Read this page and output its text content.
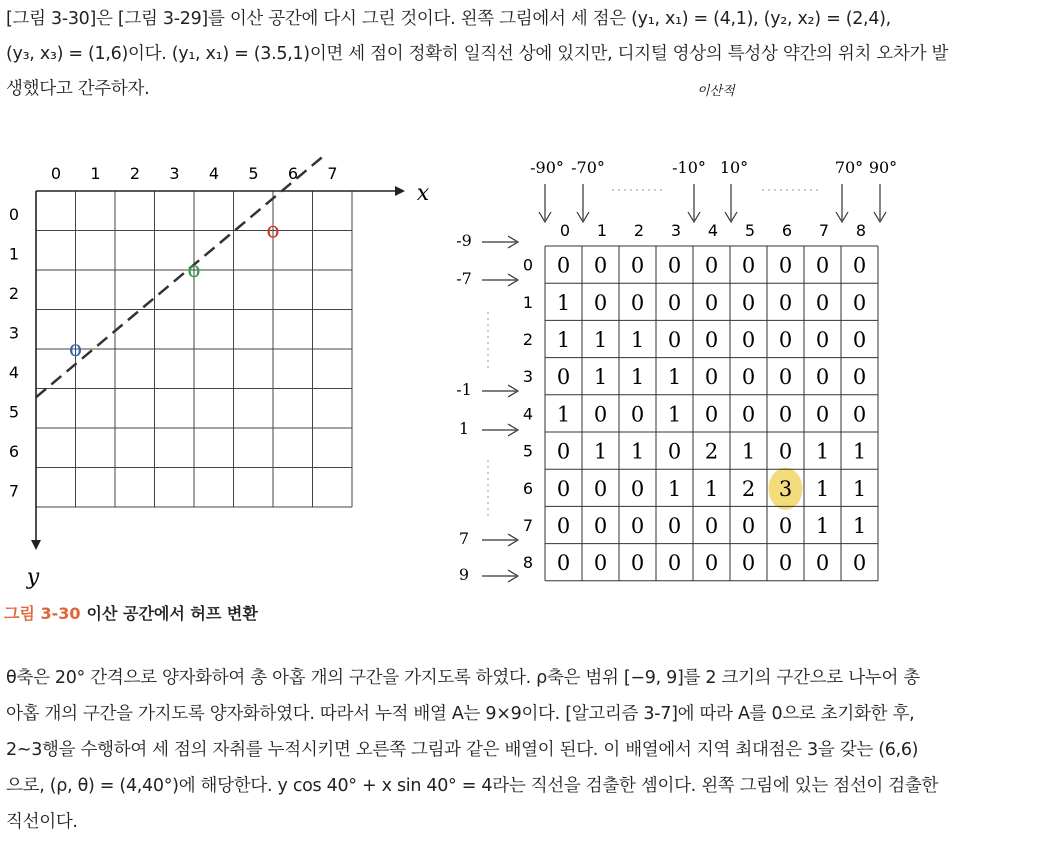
[그림 3-30]은 [그림 3-29]를 이산 공간에 다시 그린 것이다. 왼쪽 그림에서 세 점은 (y₁, x₁) = (4,1), (y₂, x₂) = (2,4),
(y₃, x₃) = (1,6)이다. (y₁, x₁) = (3.5,1)이면 세 점이 정확히 일직선 상에 있지만, 디지털 영상의 특성상 약간의 위치 오차가 발
생했다고 간주하자.	이산적
x
y
0 1 2 3 4 5 6 7
0
1
2
3
4
5
6
7
o
o
o
0 0 0 0 0 0 0 0 0
1 0 0 0 0 0 0 0 0
1 1 1 0 0 0 0 0 0
0 1 1 1 0 0 0 0 0
1 0 0 1 0 0 0 0 0
0 1 1 0 2 1 0 1 1
0 0 0 1 1 2 3 1 1
0 0 0 0 0 0 0 1 1
0 0 0 0 0 0 0 0 0
0 1 2 3 4 5 6 7 8
0
1
2
3
4
5
6
7
8
-90° -70°	-10° 10°	70° 90°
-9
-7
-1
1
7
9
그림 3-30 이산 공간에서 허프 변환
θ축은 20° 간격으로 양자화하여 총 아홉 개의 구간을 가지도록 하였다. ρ축은 범위 [−9, 9]를 2 크기의 구간으로 나누어 총
아홉 개의 구간을 가지도록 양자화하였다. 따라서 누적 배열 A는 9×9이다. [알고리즘 3-7]에 따라 A를 0으로 초기화한 후,
2~3행을 수행하여 세 점의 자취를 누적시키면 오른쪽 그림과 같은 배열이 된다. 이 배열에서 지역 최대점은 3을 갖는 (6,6)
으로, (ρ, θ) = (4,40°)에 해당한다. y cos 40° + x sin 40° = 4라는 직선을 검출한 셈이다. 왼쪽 그림에 있는 점선이 검출한
직선이다.
